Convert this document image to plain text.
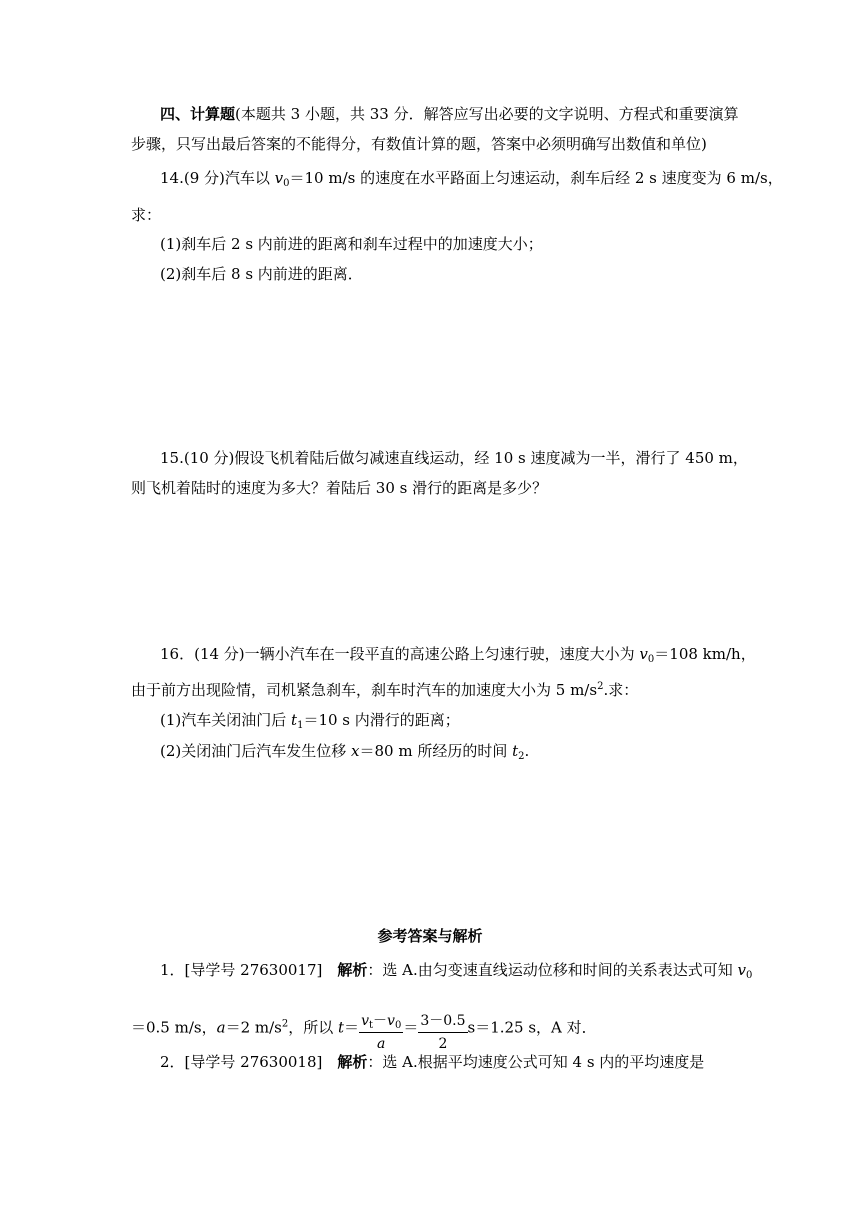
四、计算题(本题共 3 小题，共 33 分．解答应写出必要的文字说明、方程式和重要演算
步骤，只写出最后答案的不能得分，有数值计算的题，答案中必须明确写出数值和单位)
14.(9 分)汽车以 $v_0=10$ m/s 的速度在水平路面上匀速运动，刹车后经 2 s 速度变为 6 m/s，
求：
(1)刹车后 2 s 内前进的距离和刹车过程中的加速度大小；
(2)刹车后 8 s 内前进的距离．
15.(10 分)假设飞机着陆后做匀减速直线运动，经 10 s 速度减为一半，滑行了 450 m，
则飞机着陆时的速度为多大？着陆后 30 s 滑行的距离是多少？
16．(14 分)一辆小汽车在一段平直的高速公路上匀速行驶，速度大小为 $v_0=108$ km/h，
由于前方出现险情，司机紧急刹车，刹车时汽车的加速度大小为 5 $m/s^2$.求：
(1)汽车关闭油门后 $t_1=10$ s 内滑行的距离；
(2)关闭油门后汽车发生位移 x＝80 m 所经历的时间 $t_2$.
参考答案与解析
1．[导学号 27630017]　解析：选 A.由匀变速直线运动位移和时间的关系表达式可知 $v_0$
＝0.5 m/s，a＝2 $m/s^2$，所以 $t= \frac{v_t-v_0}{a} = \frac{3-0.5}{2} s=1.25$ s，A 对．
2．[导学号 27630018]　解析：选 A.根据平均速度公式可知 4 s 内的平均速度是
